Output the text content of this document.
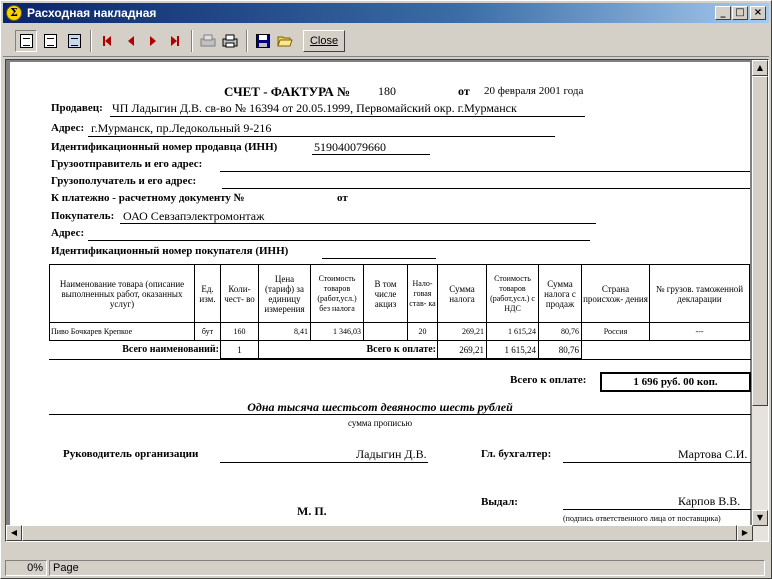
Σ Расходная накладная	_ □ ×
Close
СЧЕТ - ФАКТУРА № 180	от 20 февраля 2001 года
Продавец: ЧП Ладыгин Д.В. св-во № 16394 от 20.05.1999, Первомайский окр. г.Мурманск
Адрес: г.Мурманск, пр.Ледокольный 9-216
Идентификационный номер продавца (ИНН)	519040079660
Грузоотправитель и его адрес:
Грузополучатель и его адрес:
К платежно - расчетному документу №	от
Покупатель: ОАО Севзапэлектромонтаж
Адрес:
Идентификационный номер покупателя (ИНН)
Наименование товара (описание выполненных работ, оказанных услуг)	Ед. изм.	Коли- чест- во	Цена (тариф) за единицу измерения	Стоимость товаров (работ,усл.) без налога	В том числе акциз	Нало- говая став- ка	Сумма налога	Стоимость товаров (работ,усл.) с НДС	Сумма налога с продаж	Страна происхож- дения	№ грузов. таможенной декларации
Пиво Бочкарев Крепкое	бут	160	8,41	1 346,03		20	269,21	1 615,24	80,76	Россия	---
Всего наименований:		1	Всего к оплате:				269,21	1 615,24	80,76		
Всего к оплате:	1 696 руб. 00 коп.
Одна тысяча шестьсот девяносто шесть рублей
сумма прописью
Руководитель организации	Ладыгин Д.В.	Гл. бухгалтер:	Мартова С.И.
М. П.
Выдал:	Карпов В.В.
(подпись ответственного лица от поставщика)
▲
▼
◀	▶
0% Page
